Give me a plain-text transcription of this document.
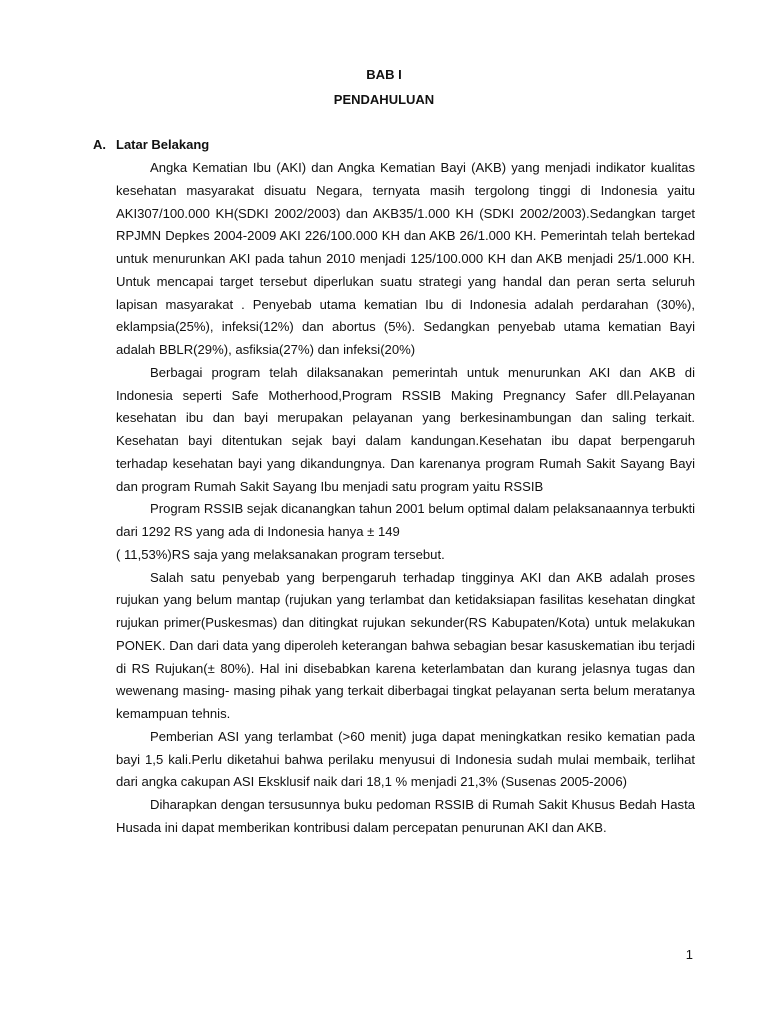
BAB I
PENDAHULUAN
A. Latar Belakang

Angka Kematian Ibu (AKI) dan Angka Kematian Bayi (AKB) yang menjadi indikator kualitas kesehatan masyarakat disuatu Negara, ternyata masih tergolong tinggi di Indonesia yaitu AKI307/100.000 KH(SDKI 2002/2003) dan AKB35/1.000 KH (SDKI 2002/2003).Sedangkan target RPJMN Depkes 2004-2009 AKI 226/100.000 KH dan AKB 26/1.000 KH. Pemerintah telah bertekad untuk menurunkan AKI pada tahun 2010 menjadi 125/100.000 KH dan AKB menjadi 25/1.000 KH. Untuk mencapai target tersebut diperlukan suatu strategi yang handal dan peran serta seluruh lapisan masyarakat . Penyebab utama kematian Ibu di Indonesia adalah perdarahan (30%), eklampsia(25%), infeksi(12%) dan abortus (5%). Sedangkan penyebab utama kematian Bayi adalah BBLR(29%), asfiksia(27%) dan infeksi(20%)

Berbagai program telah dilaksanakan pemerintah untuk menurunkan AKI dan AKB di Indonesia seperti Safe Motherhood,Program RSSIB Making Pregnancy Safer dll.Pelayanan kesehatan ibu dan bayi merupakan pelayanan yang berkesinambungan dan saling terkait. Kesehatan bayi ditentukan sejak bayi dalam kandungan.Kesehatan ibu dapat berpengaruh terhadap kesehatan bayi yang dikandungnya. Dan karenanya program Rumah Sakit Sayang Bayi dan program Rumah Sakit Sayang Ibu menjadi satu program yaitu RSSIB

Program RSSIB sejak dicanangkan tahun 2001 belum optimal dalam pelaksanaannya terbukti dari 1292 RS yang ada di Indonesia hanya ± 149

( 11,53%)RS saja yang melaksanakan program tersebut.

Salah satu penyebab yang berpengaruh terhadap tingginya AKI dan AKB adalah proses rujukan yang belum mantap (rujukan yang terlambat dan ketidaksiapan fasilitas kesehatan dingkat rujukan primer(Puskesmas) dan ditingkat rujukan sekunder(RS Kabupaten/Kota) untuk melakukan PONEK. Dan dari data yang diperoleh keterangan bahwa sebagian besar kasuskematian ibu terjadi di RS Rujukan(± 80%). Hal ini disebabkan karena keterlambatan dan kurang jelasnya tugas dan wewenang masing- masing pihak yang terkait diberbagai tingkat pelayanan serta belum meratanya kemampuan tehnis.

Pemberian ASI yang terlambat (>60 menit) juga dapat meningkatkan resiko kematian pada bayi 1,5 kali.Perlu diketahui bahwa perilaku menyusui di Indonesia sudah mulai membaik, terlihat dari angka cakupan ASI Eksklusif naik dari 18,1 % menjadi 21,3% (Susenas 2005-2006)

Diharapkan dengan tersusunnya buku pedoman RSSIB di Rumah Sakit Khusus Bedah Hasta Husada ini dapat memberikan kontribusi dalam percepatan penurunan AKI dan AKB.

1
